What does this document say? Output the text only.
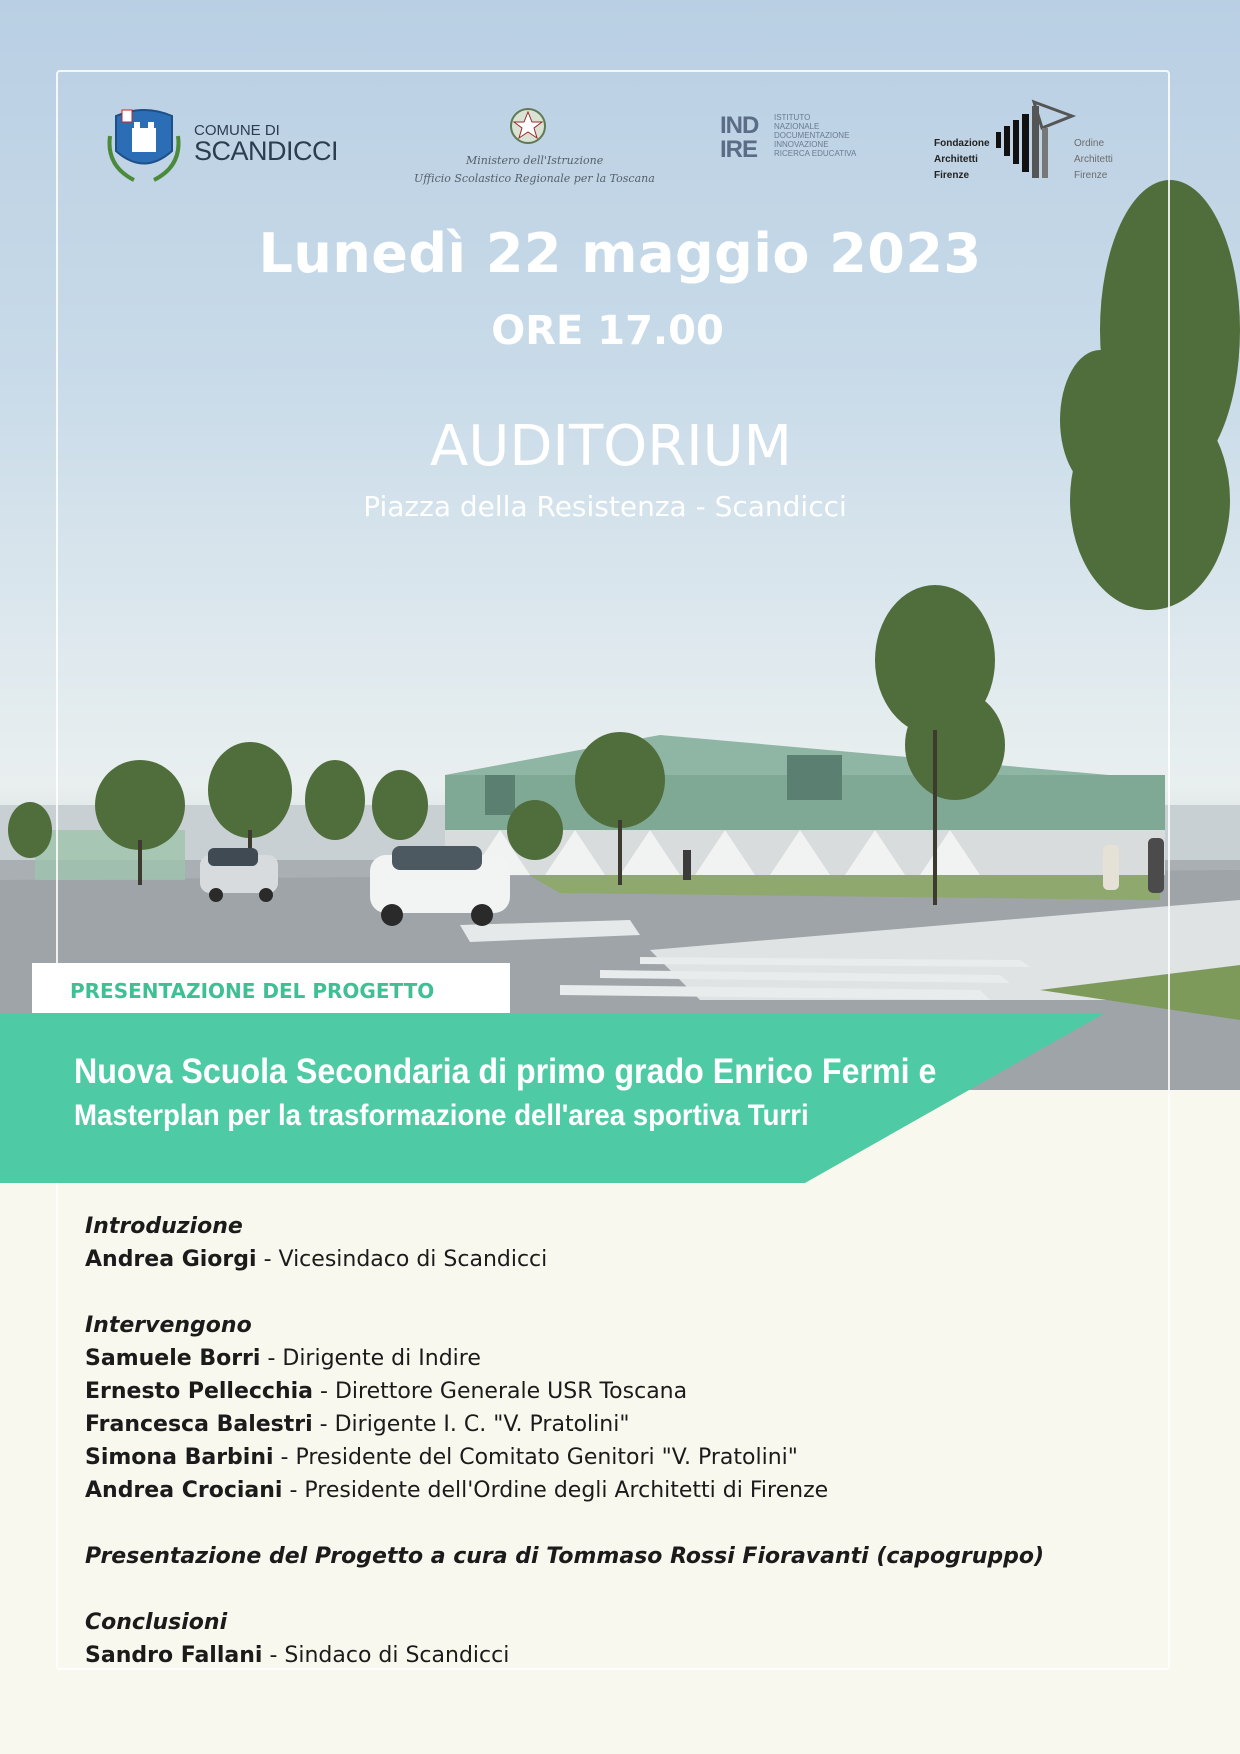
COMUNE DI
SCANDICCI	Ministero dell'Istruzione
Ufficio Scolastico Regionale per la Toscana
IND
IRE
ISTITUTO
NAZIONALE
DOCUMENTAZIONE
INNOVAZIONE
RICERCA EDUCATIVA
Fondazione
Architetti
Firenze
Ordine
Architetti
Firenze
Lunedì 22 maggio 2023
ORE 17.00
AUDITORIUM
Piazza della Resistenza - Scandicci
PRESENTAZIONE DEL PROGETTO
Nuova Scuola Secondaria di primo grado Enrico Fermi e
Masterplan per la trasformazione dell'area sportiva Turri
Introduzione
Andrea Giorgi - Vicesindaco di Scandicci
Intervengono
Samuele Borri - Dirigente di Indire
Ernesto Pellecchia - Direttore Generale USR Toscana
Francesca Balestri - Dirigente I. C. "V. Pratolini"
Simona Barbini - Presidente del Comitato Genitori "V. Pratolini"
Andrea Crociani - Presidente dell'Ordine degli Architetti di Firenze
Presentazione del Progetto a cura di Tommaso Rossi Fioravanti (capogruppo)
Conclusioni
Sandro Fallani - Sindaco di Scandicci
